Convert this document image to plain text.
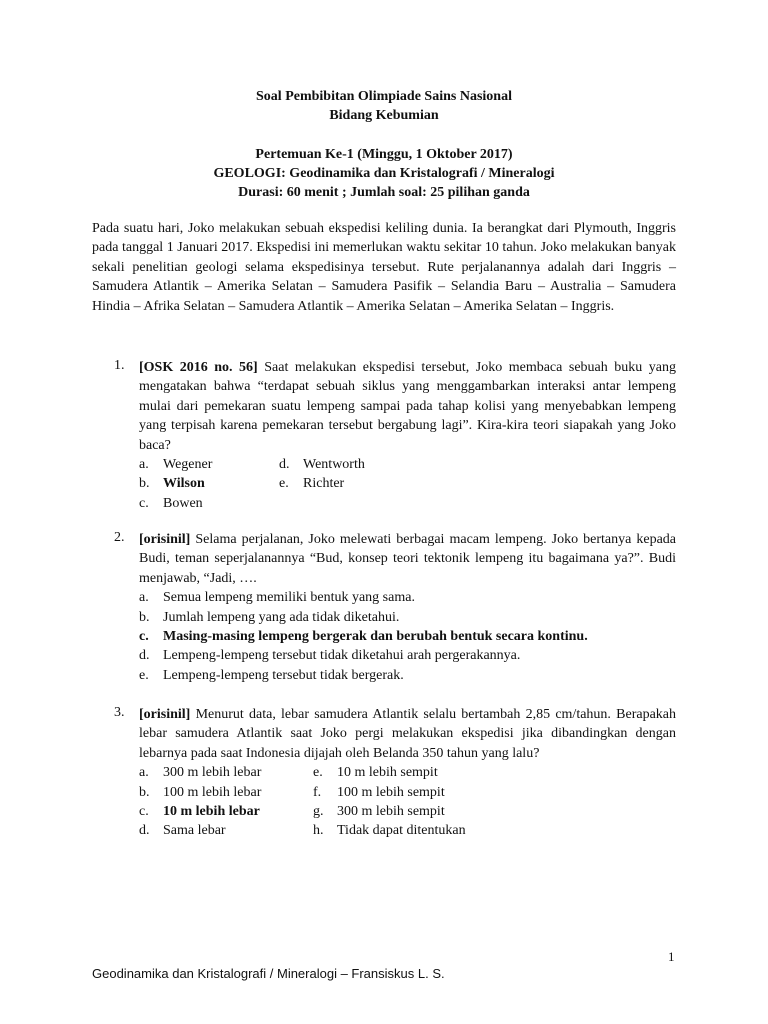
Soal Pembibitan Olimpiade Sains Nasional
Bidang Kebumian
Pertemuan Ke-1 (Minggu, 1 Oktober 2017)
GEOLOGI: Geodinamika dan Kristalografi / Mineralogi
Durasi: 60 menit ; Jumlah soal: 25 pilihan ganda
Pada suatu hari, Joko melakukan sebuah ekspedisi keliling dunia. Ia berangkat dari Plymouth, Inggris pada tanggal 1 Januari 2017. Ekspedisi ini memerlukan waktu sekitar 10 tahun. Joko melakukan banyak sekali penelitian geologi selama ekspedisinya tersebut. Rute perjalanannya adalah dari Inggris – Samudera Atlantik – Amerika Selatan – Samudera Pasifik – Selandia Baru – Australia – Samudera Hindia – Afrika Selatan – Samudera Atlantik – Amerika Selatan – Amerika Selatan – Inggris.
1. [OSK 2016 no. 56] Saat melakukan ekspedisi tersebut, Joko membaca sebuah buku yang mengatakan bahwa “terdapat sebuah siklus yang menggambarkan interaksi antar lempeng mulai dari pemekaran suatu lempeng sampai pada tahap kolisi yang menyebabkan lempeng yang terpisah karena pemekaran tersebut bergabung lagi”. Kira-kira teori siapakah yang Joko baca?
a.	Wegener	d. Wentworth
b. Wilson	e.	Richter
c.	Bowen
2. [orisinil] Selama perjalanan, Joko melewati berbagai macam lempeng. Joko bertanya kepada Budi, teman seperjalanannya “Bud, konsep teori tektonik lempeng itu bagaimana ya?”. Budi menjawab, “Jadi, ….
a.	Semua lempeng memiliki bentuk yang sama.
b. Jumlah lempeng yang ada tidak diketahui.
c.	Masing-masing lempeng bergerak dan berubah bentuk secara kontinu.
d. Lempeng-lempeng tersebut tidak diketahui arah pergerakannya.
e.	Lempeng-lempeng tersebut tidak bergerak.
3. [orisinil] Menurut data, lebar samudera Atlantik selalu bertambah 2,85 cm/tahun. Berapakah lebar samudera Atlantik saat Joko pergi melakukan ekspedisi jika dibandingkan dengan lebarnya pada saat Indonesia dijajah oleh Belanda 350 tahun yang lalu?
a.	300 m lebih lebar	e.	10 m lebih sempit
b. 100 m lebih lebar	f.	100 m lebih sempit
c.	10 m lebih lebar	g. 300 m lebih sempit
d. Sama lebar	h. Tidak dapat ditentukan
1
Geodinamika dan Kristalografi / Mineralogi – Fransiskus L. S.
